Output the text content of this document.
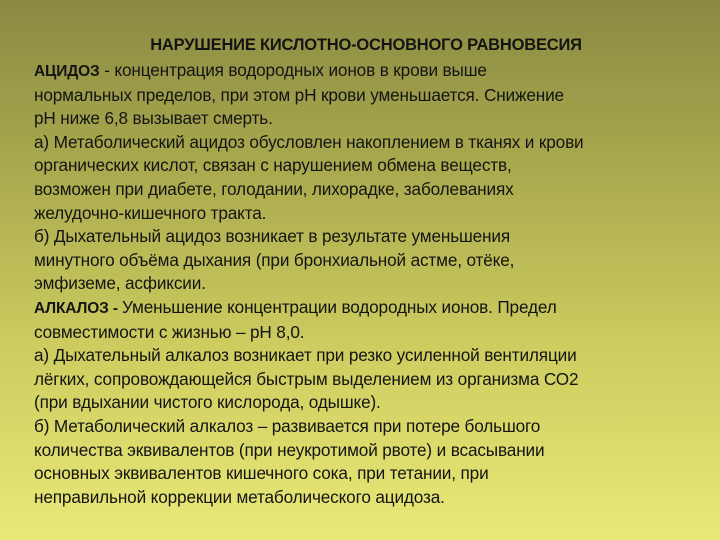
НАРУШЕНИЕ КИСЛОТНО-ОСНОВНОГО РАВНОВЕСИЯ
АЦИДОЗ - концентрация водородных ионов в крови выше
нормальных пределов, при этом рН крови уменьшается. Снижение
рН ниже 6,8 вызывает смерть.
а) Метаболический ацидоз обусловлен накоплением в тканях и крови
органических кислот, связан с нарушением обмена веществ,
возможен при диабете, голодании, лихорадке, заболеваниях
желудочно-кишечного тракта.
б) Дыхательный ацидоз возникает в результате уменьшения
минутного объёма дыхания (при бронхиальной астме, отёке,
эмфиземе, асфиксии.
АЛКАЛОЗ - Уменьшение концентрации водородных ионов. Предел
совместимости с жизнью – рН 8,0.
а) Дыхательный алкалоз возникает при резко усиленной вентиляции
лёгких, сопровождающейся быстрым выделением из организма СО2
(при вдыхании чистого кислорода, одышке).
б) Метаболический алкалоз – развивается при потере большого
количества эквивалентов (при неукротимой рвоте) и всасывании
основных эквивалентов кишечного сока, при тетании, при
неправильной коррекции метаболического ацидоза.
